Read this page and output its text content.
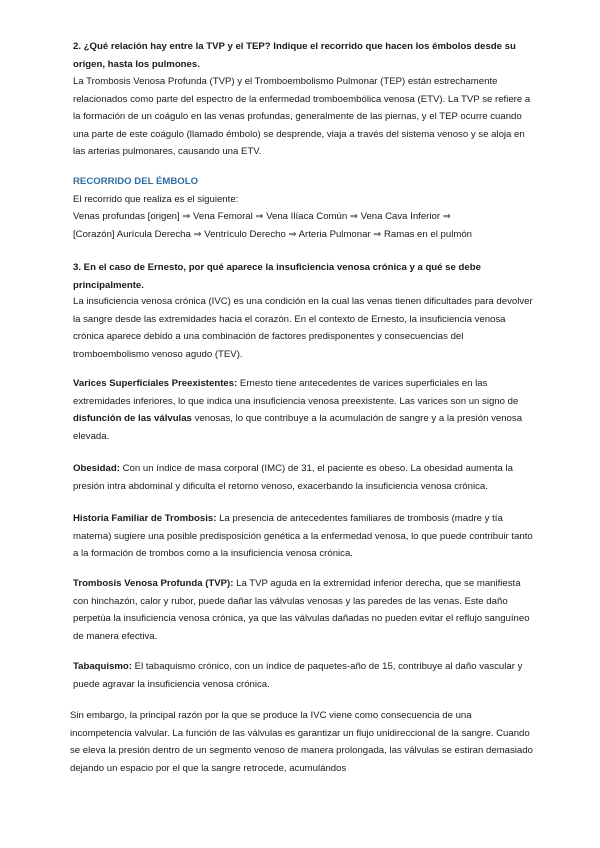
2. ¿Qué relación hay entre la TVP y el TEP? Indique el recorrido que hacen los émbolos desde su origen, hasta los pulmones.
La Trombosis Venosa Profunda (TVP) y el Tromboembolismo Pulmonar (TEP) están estrechamente relacionados como parte del espectro de la enfermedad tromboembólica venosa (ETV). La TVP se refiere a la formación de un coágulo en las venas profundas, generalmente de las piernas, y el TEP ocurre cuando una parte de este coágulo (llamado émbolo) se desprende, viaja a través del sistema venoso y se aloja en las arterias pulmonares, causando una ETV.
RECORRIDO DEL ÉMBOLO
El recorrido que realiza es el siguiente:
Venas profundas [origen] ⇒ Vena Femoral ⇒ Vena Ilíaca Común ⇒ Vena Cava Inferior ⇒
[Corazón] Aurícula Derecha ⇒ Ventrículo Derecho ⇒ Arteria Pulmonar ⇒ Ramas en el pulmón
3. En el caso de Ernesto, por qué aparece la insuficiencia venosa crónica y a qué se debe principalmente.
La insuficiencia venosa crónica (IVC) es una condición en la cual las venas tienen dificultades para devolver la sangre desde las extremidades hacia el corazón. En el contexto de Ernesto, la insuficiencia venosa crónica aparece debido a una combinación de factores predisponentes y consecuencias del tromboembolismo venoso agudo (TEV).
Varices Superficiales Preexistentes: Ernesto tiene antecedentes de varices superficiales en las extremidades inferiores, lo que indica una insuficiencia venosa preexistente. Las varices son un signo de disfunción de las válvulas venosas, lo que contribuye a la acumulación de sangre y a la presión venosa elevada.
Obesidad: Con un índice de masa corporal (IMC) de 31, el paciente es obeso. La obesidad aumenta la presión intra abdominal y dificulta el retorno venoso, exacerbando la insuficiencia venosa crónica.
Historia Familiar de Trombosis: La presencia de antecedentes familiares de trombosis (madre y tía materna) sugiere una posible predisposición genética a la enfermedad venosa, lo que puede contribuir tanto a la formación de trombos como a la insuficiencia venosa crónica.
Trombosis Venosa Profunda (TVP): La TVP aguda en la extremidad inferior derecha, que se manifiesta con hinchazón, calor y rubor, puede dañar las válvulas venosas y las paredes de las venas. Este daño perpetúa la insuficiencia venosa crónica, ya que las válvulas dañadas no pueden evitar el reflujo sanguíneo de manera efectiva.
Tabaquismo: El tabaquismo crónico, con un índice de paquetes-año de 15, contribuye al daño vascular y puede agravar la insuficiencia venosa crónica.
Sin embargo, la principal razón por la que se produce la IVC viene como consecuencia de una incompetencia valvular. La función de las válvulas es garantizar un flujo unidireccional de la sangre. Cuando se eleva la presión dentro de un segmento venoso de manera prolongada, las válvulas se estiran demasiado dejando un espacio por el que la sangre retrocede, acumulándos
